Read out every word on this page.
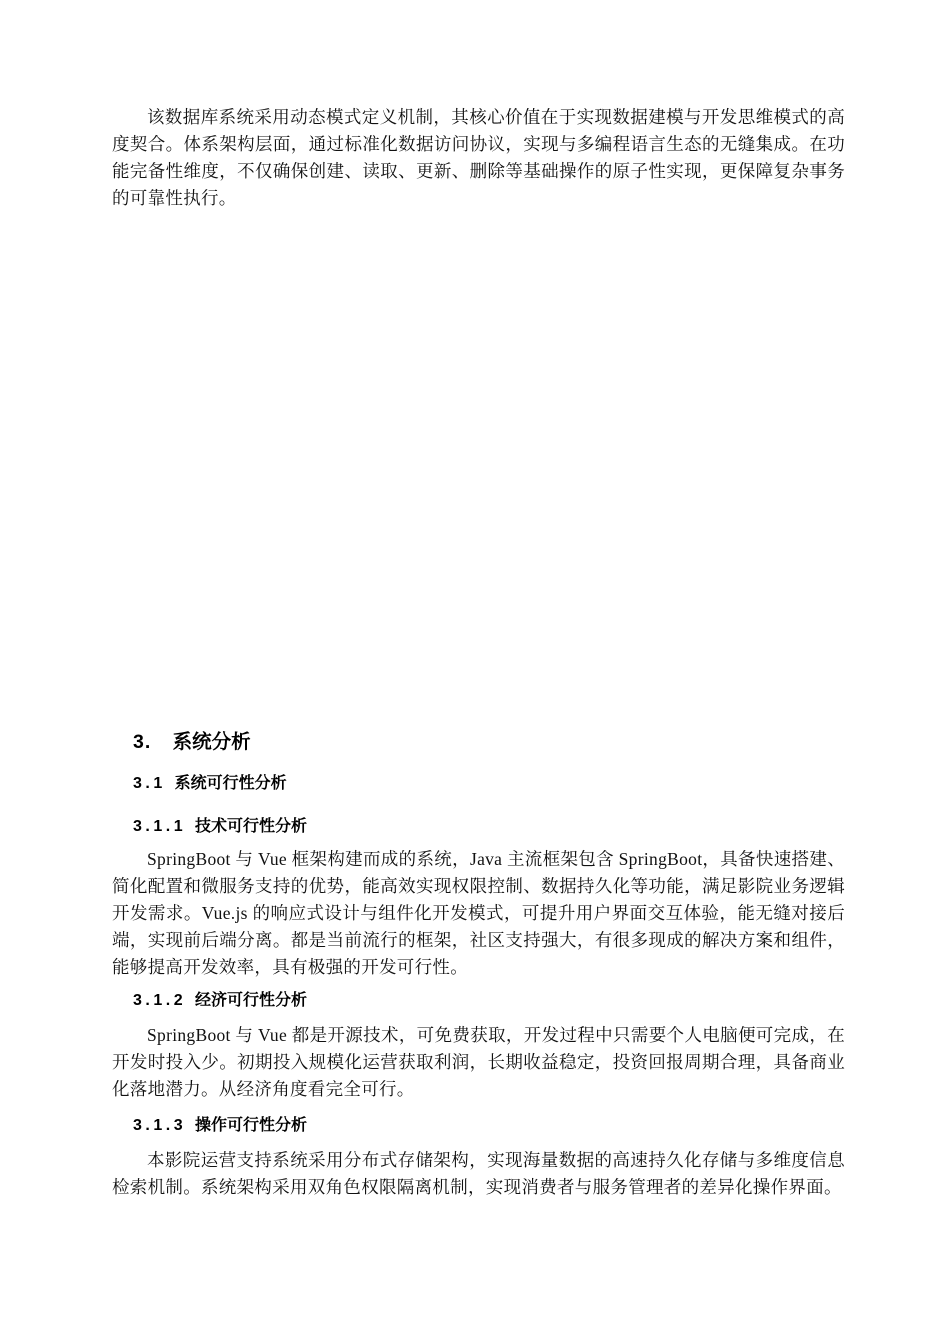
该数据库系统采用动态模式定义机制，其核心价值在于实现数据建模与开发思维模式的高度契合。体系架构层面，通过标准化数据访问协议，实现与多编程语言生态的无缝集成。在功能完备性维度，不仅确保创建、读取、更新、删除等基础操作的原子性实现，更保障复杂事务的可靠性执行。

3. 系统分析
3.1 系统可行性分析
3.1.1 技术可行性分析

SpringBoot 与 Vue 框架构建而成的系统，Java 主流框架包含 SpringBoot，具备快速搭建、简化配置和微服务支持的优势，能高效实现权限控制、数据持久化等功能，满足影院业务逻辑开发需求。Vue.js 的响应式设计与组件化开发模式，可提升用户界面交互体验，能无缝对接后端，实现前后端分离。都是当前流行的框架，社区支持强大，有很多现成的解决方案和组件，能够提高开发效率，具有极强的开发可行性。

3.1.2 经济可行性分析

SpringBoot 与 Vue 都是开源技术，可免费获取，开发过程中只需要个人电脑便可完成，在开发时投入少。初期投入规模化运营获取利润，长期收益稳定，投资回报周期合理，具备商业化落地潜力。从经济角度看完全可行。

3.1.3 操作可行性分析

本影院运营支持系统采用分布式存储架构，实现海量数据的高速持久化存储与多维度信息检索机制。系统架构采用双角色权限隔离机制，实现消费者与服务管理者的差异化操作界面。
